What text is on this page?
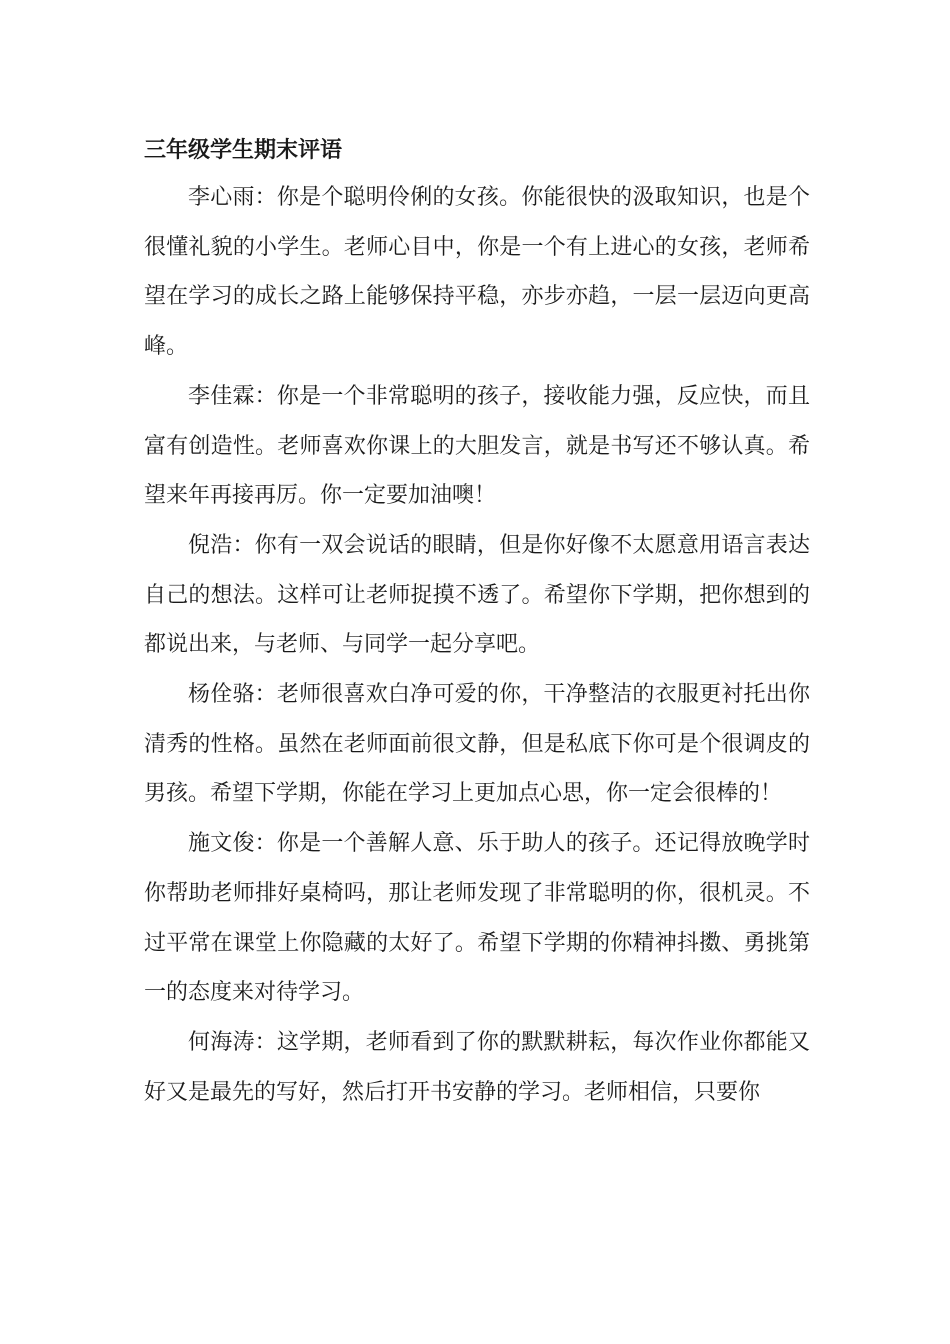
三年级学生期末评语

李心雨：你是个聪明伶俐的女孩。你能很快的汲取知识，也是个很懂礼貌的小学生。老师心目中，你是一个有上进心的女孩，老师希望在学习的成长之路上能够保持平稳，亦步亦趋，一层一层迈向更高峰。

李佳霖：你是一个非常聪明的孩子，接收能力强，反应快，而且富有创造性。老师喜欢你课上的大胆发言，就是书写还不够认真。希望来年再接再厉。你一定要加油噢！

倪浩：你有一双会说话的眼睛，但是你好像不太愿意用语言表达自己的想法。这样可让老师捉摸不透了。希望你下学期，把你想到的都说出来，与老师、与同学一起分享吧。

杨佺骆：老师很喜欢白净可爱的你，干净整洁的衣服更衬托出你清秀的性格。虽然在老师面前很文静，但是私底下你可是个很调皮的男孩。希望下学期，你能在学习上更加点心思，你一定会很棒的！

施文俊：你是一个善解人意、乐于助人的孩子。还记得放晚学时你帮助老师排好桌椅吗，那让老师发现了非常聪明的你，很机灵。不过平常在课堂上你隐藏的太好了。希望下学期的你精神抖擞、勇挑第一的态度来对待学习。

何海涛：这学期，老师看到了你的默默耕耘，每次作业你都能又好又是最先的写好，然后打开书安静的学习。老师相信，只要你
